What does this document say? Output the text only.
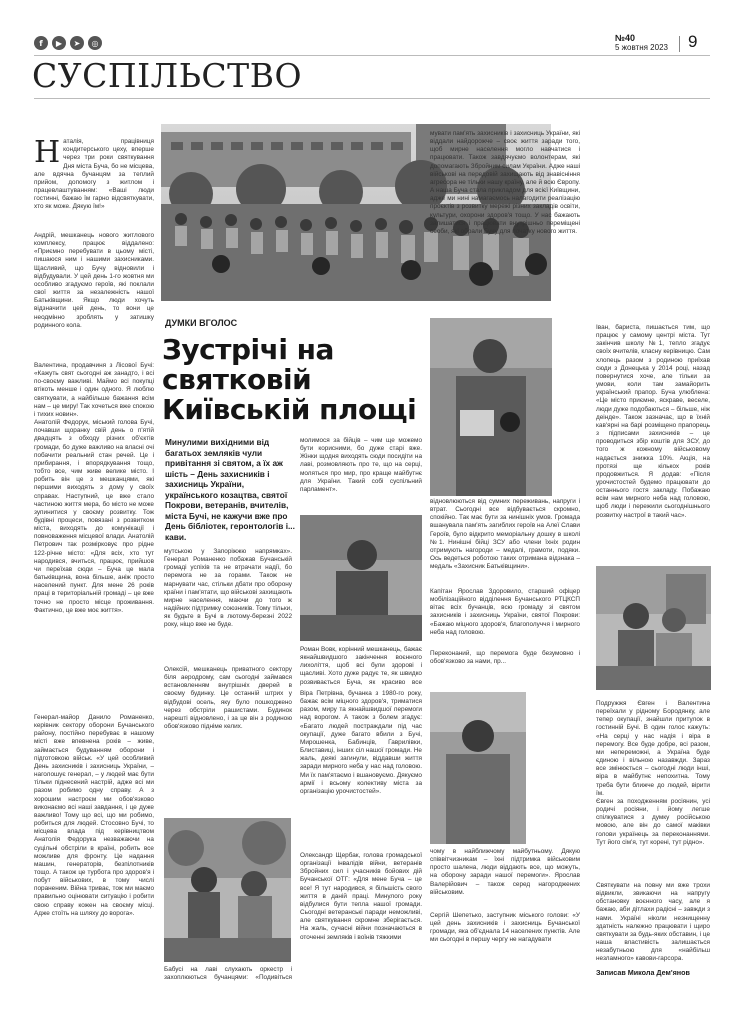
f	▶	➤	◎	№40
5 жовтня 2023 9
СУСПІЛЬСТВО

Наталія, працівниця кондитерського цеху, вперше через три роки святкування Дня міста Буча, бо не місцева, але вдячна бучанцям за теплий прийом, допомогу з житлом і працевлаштуванням: «Ваші люди гостинні, бажаю їм гарно відсвяткувати, хто як може. Дякую їм!»

Андрій, мешканець нового житлового комплексу, працює віддалено: «Приємно перебувати в цьому місті, пишаюся ним і нашими захисниками. Щасливий, що Бучу відновили і відбудували. У цей день 1-го жовтня ми особливо згадуємо героїв, які поклали свої життя за незалежність нашої Батьківщини. Якщо люди хочуть відзначити цей день, то вони це неодмінно зроблять у затишку родинного кола.
Валентина, продавчиня з Лісової Бучі: «Кажуть свят сьогодні аж занадто, і всі по-своєму важливі. Маймо всі покупці втікоть менше і один одного. Я люблю святкувати, а найбільше бажання всім нам – це миру! Так хочеться вже спокою і тихих новин».
Анатолій Федорук, міський голова Бучі, почавши щоранку свій день о п'ятій двадцять з обходу різних об'єктів громади, бо дуже важливо на власні очі побачити реальний стан речей. Це і прибирання, і впорядкування тощо, тобто все, чим живе велике місто. І робить він це з мешканцями, які першими виходять з дому у своїх справах. Наступний, це вже стало частиною життя мера, бо місто не може зупинитися у своєму розвитку. Тож будівні процеси, повязані з розвитком міста, виходять до комунікації і повноваження місцевої влади. Анатолій Петрович так розмірковує про рідне 122-річне місто: «Для всіх, хто тут народився, вчиться, працює, прийшов чи переїхав сюди – Буча це мала батьківщина, вона більше, аніж просто населений пункт. Для мене 26 років праці в територіальній громаді – це вже точно не просто місце проживання. Фактично, це вже моє життя».
Генерал-майор Данило Романенко, керівник сектору оборони Бучанського району, постійно перебуває в нашому місті вже впевнена років – живе, займається будуванням оборони і підготовкою військ. «У цей особливий День захисників і захисниць України, – наголошує генерал, – у людей має бути тільки піднесений настрій, адже всі ми разом робимо одну справу. А з хорошим настроєм ми обов'язково виконаємо всі наші завдання, і це дуже важливо! Тому що всі, що ми робимо, робиться для людей. Стосовно Бучі, то місцева влада під керівництвом Анатолія Федорука незважаючи на суцільні обстріли в країні, робить все можливе для фронту. Це надання машин, генераторів, безпілотників тощо. А також це турбота про здоров'я і побут військових, в тому числі пораненим. Війна триває, тож ми маємо правильно оцінювати ситуацію і робити свою справу кожен на своєму місці. Адже стоїть на шляху до ворога».
ДУМКИ ВГОЛОС
Зустрічі на святковій Київській площі
Минулими вихідними від багатьох земляків чули привітання зі святом, а їх аж шість – День захисників і захисниць України, українського козацтва, святої Покрови, ветеранів, вчителів, міста Бучі, не кажучи вже про День бібліотек, геронтологів і... кави.
мутською у Запоріжжю напрямках». Генерал Романенко побажав Бучанській громаді успіхів та не втрачати надії, бо перемога не за горами. Також не марнувати час, стільки дбати про оборону країни і пам'ятати, що військові захищають мирне населення, маючи до того ж надійних підтримку союзників. Тому тільки, як будьте в Бучі в лютому-березні 2022 року, ніщо вже не буде.
Олексій, мешканець приватного сектору біля аеродрому, сам сьогодні займався встановленням внутрішніх дверей в своєму будинку. Це останній штрих у відбудові осель, яку було пошкоджено через обстріли рашистами. Будинок нарешті відновлено, і за це він з родиною обов'язково підніме келих.
Бабусі на лаві слухають оркестр і захоплюються бучанцями: «Подивіться
молимося за бійців – чим ще можемо бути корисними, бо дуже старі вже. Жінки щодня виходять сюди посидіти на лаві, розмовляють про те, що на серці, моляться про мир, про краще майбутнє для України. Такий собі суспільний парламент».
Роман Вовк, корінний мешканець, бажає якнайшвидшого закінчення воєнного лихоліття, щоб всі були здорові і щасливі. Хото дуже радує те, як швидко розвивається Буча, як красиво все
Віра Петрівна, бучанка з 1980-го року, бажає всім міцного здоров'я, триматися разом, миру та якнайшвидшої перемоги над ворогом. А також з болем згадує: «Багато людей постраждали під час окупації, дуже багато вбили з Бучі, Мирошенка, Бабинців, Гаврилівки, Блиставиці, інших сіл нашої громади. Не жаль, деякі загинули, віддавши життя заради мирного неба у нас над головою. Ми їх пам'ятаємо і вшановуємо. Дякуємо армії і всьому колективу міста за організацію урочистостей».
Олександр Щербак, голова громадської організації інвалідів війни, ветеранів Збройних сил і учасників бойових дій Бучанської ОТГ: «Для мене Буча – це все! Я тут народився, я більшість свого життя в даній праці. Минулого року відбулися бути тепла нашої громади. Сьогодні ветеранські паради неможливі, але святкування скромне зберігається. На жаль, сучасні війни позначаються в оточенні земляків і воїнів тяжкими
мувати пам'ять захисників і захисниць України, які віддали найдорожче – своє життя заради того, щоб мирне населення могло навчатися і працювати. Також завдячуємо волонтерам, які допомагають Збройним силам України. Адже наші військові на передовій захищають від знавісніння агресора не тільки нашу країну, але й всю Європу. А наша Буча стала прикладом для всієї Київщини, адже ми нині намагаємось налагодити реалізацію проєктів з розвитку мережі різних закладів освіти, культури, охорони здоров'я тощо. У нас бажають залишатися і працювати внутрішньо переміщені особи, які обрали Бучу для початку нового життя.
відновлюються від сумних переживань, напруги і втрат. Сьогодні все відбувається скромно, спокійно. Так має бути за нинішніх умов. Громада вшанувала пам'ять загиблих героїв на Алеї Слави Героїв, було відкрито меморіальну дошку в школі №1. Нинішні бійці ЗСУ або члени їхніх родин отримують нагороди – медалі, грамоти, подяки. Ось ведеться роботою таких отримана відзнака – медаль «Захисник Батьківщини».
Капітан Ярослав Здоровило, старший офіцер мобілізаційного відділення Бучанського РТЦКСП вітає всіх бучанців, всю громаду зі святом захисників і захисниць України, святої Покрови: «Бажаю міцного здоров'я, благополуччя і мирного неба над головою.
Переконаний, що перемога буде безумовно і обов'язково за нами, пр...
чому в найближчому майбутньому. Дякую співвітчизникам – їхні підтримка військовим просто шалена, люди віддають все, що можуть, на оборону заради нашої перемоги». Ярослав Валерійович – також серед нагороджених військовим.
Сергій Шепетько, заступник міського голови: «У цей день захисників і захисниць Бучанської громади, яка об'єднала 14 населених пунктів. Але ми сьогодні в першу чергу не нагадувати
Іван, бариста, пишається тим, що працює у самому центрі міста. Тут закінчив школу №1, тепло згадує своїх вчителів, класну керівницю. Сам хлопець разом з родиною приїхав сюди з Донецька у 2014 році, назад повернутися хоче, але тільки за умови, коли там замайорить український прапор. Буча улюблена: «Це місто приємне, яскраве, веселе, люди дуже подобаються – більше, ніж деінде». Також зазначає, що в їхній кав'ярні на барі розміщено прапорець з підписами захисників – це проводиться збір коштів для ЗСУ, до того ж кожному військовому надається знижка 10%. Акція, на протязі ще кількох років продовжиться. Я додав: «Після урочистостей будемо працювати до останнього гостя закладу. Побажаю всім нам мирного неба над головою, щоб люди і пережили сьогоднішнього розвитку настрої в такий час».
Подружжя Євген і Валентина переїхали у рідному Бородянку, але тепер окупації, знайшли притулок в гостинній Бучі. В один голос кажуть: «На серці у нас надія і віра в перемогу. Все буде добре, всі разом, ми непереможні, а Україна буде єдиною і вільною назавжди. Зараз все змінюється – сьогодні люди інші, віра в майбутнє непохитна. Тому треба бути ближче до людей, вірити їм.
Євген за походженням росіянин, усі родичі росіяни, і йому легше спілкуватися з думку російською мовою, але він до самої маківки голови українець за переконаннями. Тут його сім'я, тут корені, тут рідно».
Святкувати на повну ми вже трохи відвикли, звикаючи на напругу обстановку воєнного часу, але я бажаю, аби дітлахи радісні – завжди з нами. Україні ніколи незнищенну здатність належно працювати і щиро святкувати за будь-яких обставин, і це наша властивість залишається незабутньою для «найбільш незламного» кавови-гарсора.
Записав Микола Дем'янов
